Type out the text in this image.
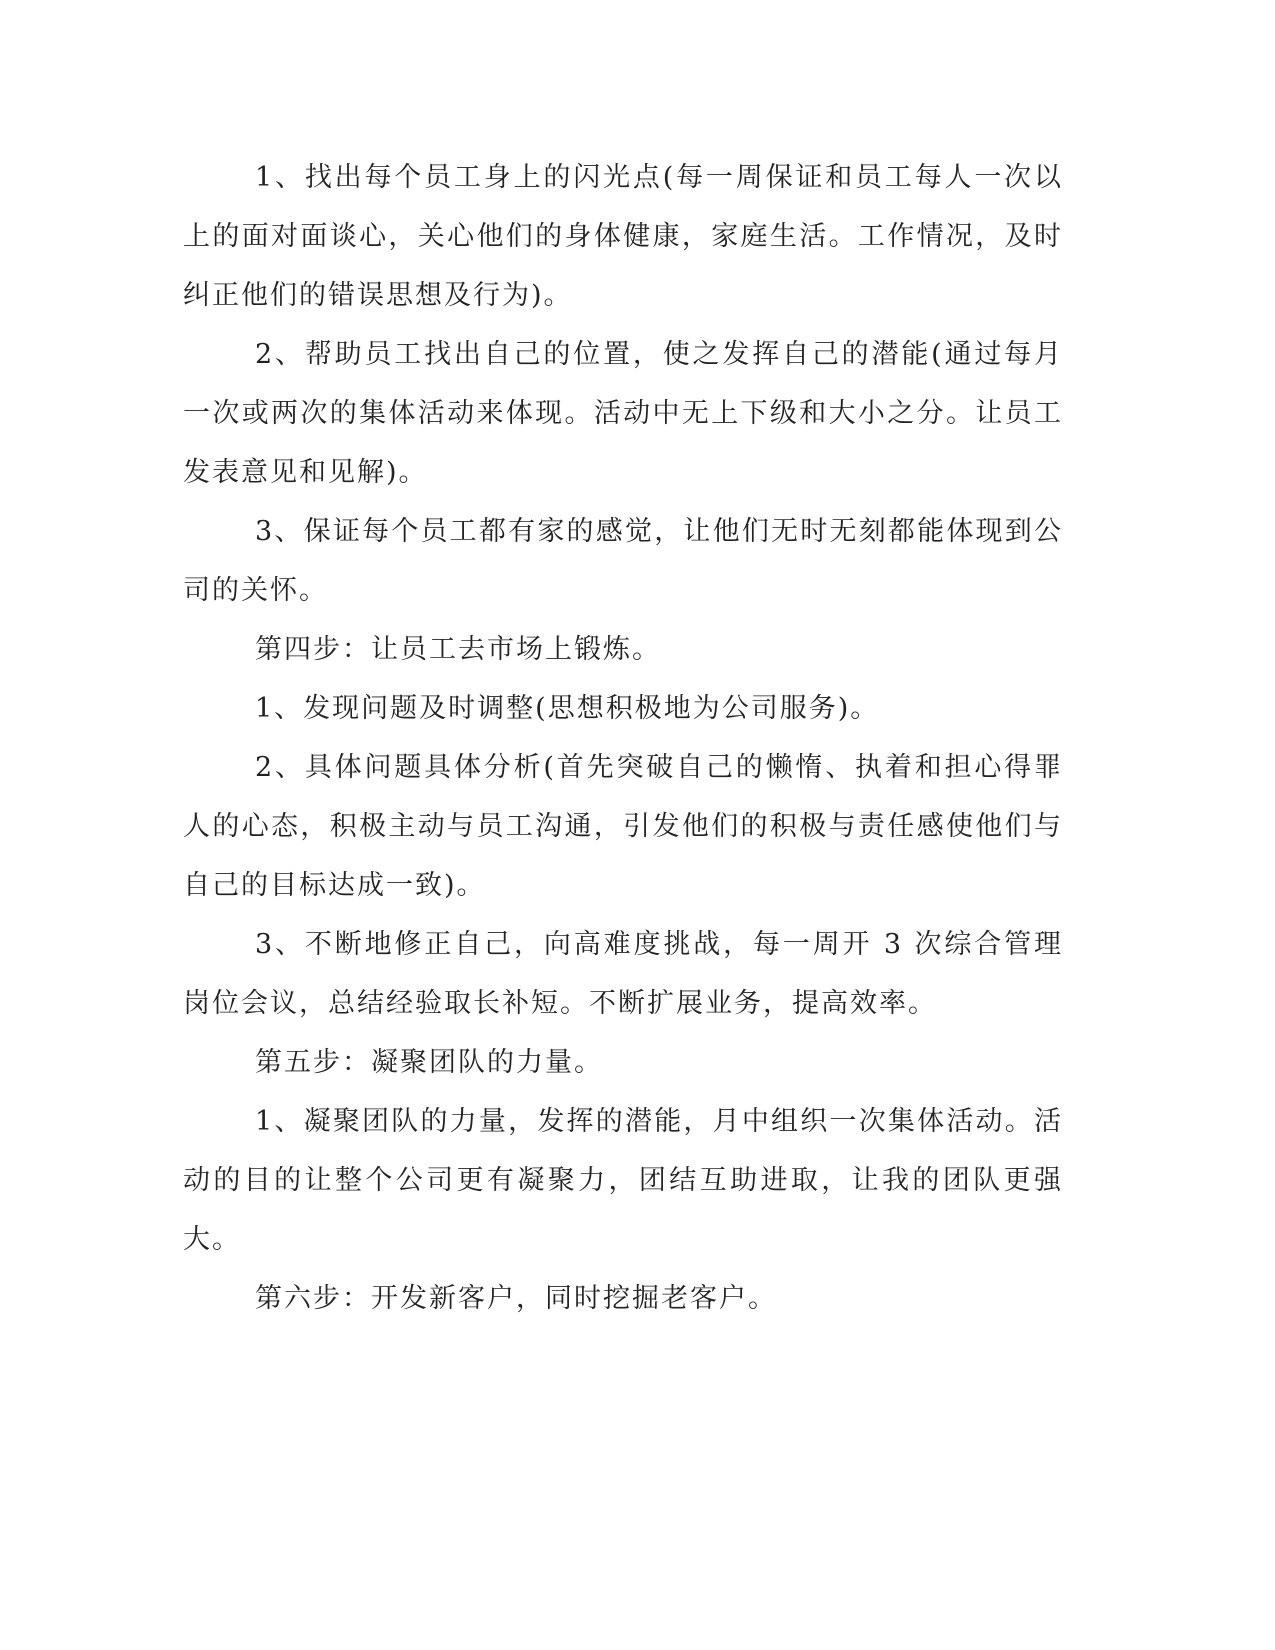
1、找出每个员工身上的闪光点(每一周保证和员工每人一次以上的面对面谈心，关心他们的身体健康，家庭生活。工作情况，及时纠正他们的错误思想及行为)。

2、帮助员工找出自己的位置，使之发挥自己的潜能(通过每月一次或两次的集体活动来体现。活动中无上下级和大小之分。让员工发表意见和见解)。

3、保证每个员工都有家的感觉，让他们无时无刻都能体现到公司的关怀。

第四步：让员工去市场上锻炼。

1、发现问题及时调整(思想积极地为公司服务)。

2、具体问题具体分析(首先突破自己的懒惰、执着和担心得罪人的心态，积极主动与员工沟通，引发他们的积极与责任感使他们与自己的目标达成一致)。

3、不断地修正自己，向高难度挑战，每一周开 3 次综合管理岗位会议，总结经验取长补短。不断扩展业务，提高效率。

第五步：凝聚团队的力量。

1、凝聚团队的力量，发挥的潜能，月中组织一次集体活动。活动的目的让整个公司更有凝聚力，团结互助进取，让我的团队更强大。

第六步：开发新客户，同时挖掘老客户。
